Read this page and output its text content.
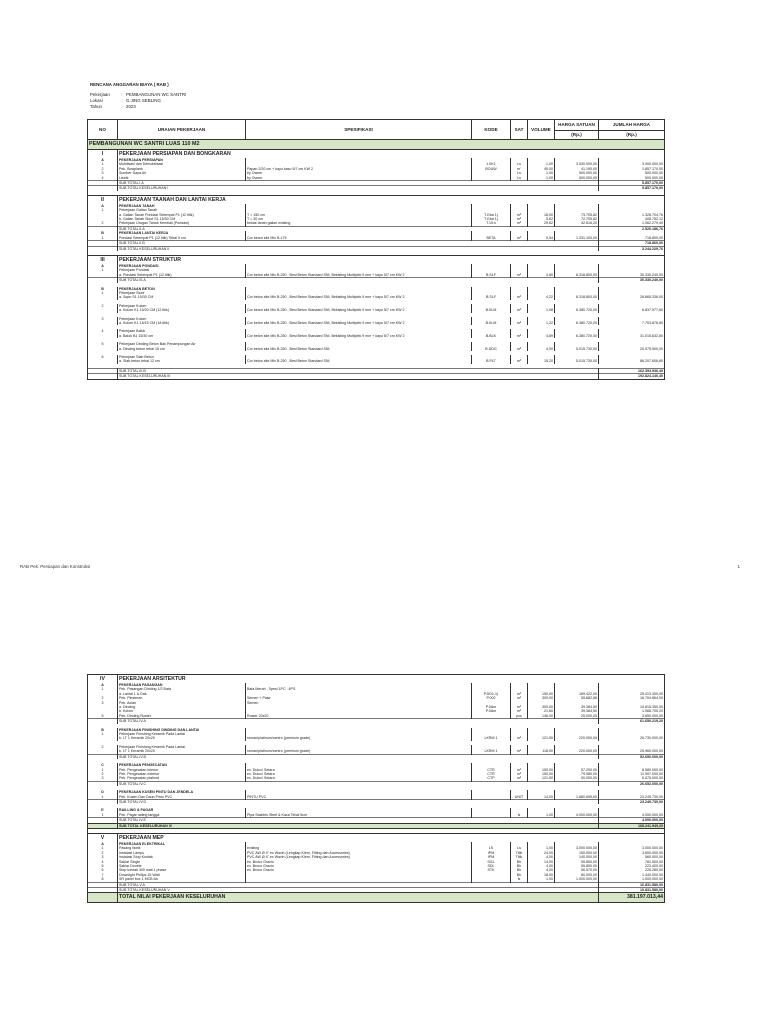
RENCANA ANGGARAN BIAYA ( RAB )
Pekerjaan	: PEMBANGUNAN WC SANTRI
Lokasi	: G.JING SEBLING
Tahun	: 2023
NO	URAIAN PEKERJAAN	SPESIFIKASI	KODE	SAT	VOLUME	HARGA SATUAN	JUMLAH HARGA
						(Rp.)	(Rp.)
PEMBANGUNAN WC SANTRI LUAS 110 M2							
I	PEKERJAAN PERSIAPAN DAN BONGKARAN						
A	PEKERJAAN PERSIAPAN						
1	Mobilisasi dan Demobilisasi		1.0K1	Ls	1,00	3.000.000,00	3.000.000,00
2	Pek. Bowplank	Papan 2/20 cm + kayu kaso 5/7 cm KW 2	BOUW	m'	45,00	41.190,00	1.857.170,00
3	Sumber Daya Air	by Owner		Ls	1,00	500.000,00	500.000,00
4	Listrik	by Owner		Ls	1,00	500.000,00	500.000,00
	SUB TOTAL I.A						5.857.170,00
	SUB TOTAL KESELURUHAN I						5.857.170,00

II	PEKERJAAN TAANAH DAN LANTAI KERJA						
A	PEKERJAAN TANAH						
1	Pekerjaan Galian Tanah						
	a. Galian Tanah Pondasi Setempat P1 (12 titik)	T = 150 cm	T.Gba 1)	m³	18,00	73.705,82	1.326.704,76
	b. Galian Tanah Sloof S1 15/30 CM	T = 30 cm	T.Gba 1)	m³	5,62	72.705,82	408.752,12
2	Pekerjaan Urugan Tanah Kembali (Pondasi)	bekas tanah galian existing	T.15.s	m³	29,62	42.616,20	1.062.279,40
	SUB TOTAL II.A						2.526.186,76
B	PEKERJAAN LANTAI KERJA						
1	Pondasi Setempat P1 (12 titik) Tebal 5 cm	Cor beton site Mix B-175	BETA	m³	0,54	1.331.100,00	718.800,00
	SUB TOTAL II.B						718.800,00
	SUB TOTAL KESELURUHAN II						3.244.229,76

III	PEKERJAAN STRUKTUR						
A	PEKERJAAN PONDASI						
1	Pekerjaan Pondasi						
	a. Pondasi Setempat P1 (12 titik)	Cor beton site Mix B-250 , Besi Beton Standard SNI, Bekisting Multiplek 9 mm + kayu 5/7 cm KW 2	B.SLF	m³	4,80	6.318.800,00	30.330.240,00
	SUB TOTAL III.A						30.330.240,00

B	PEKERJAAN BETON						
1	Pekerjaan Sloof						
	a. Sqon S1 15/30 CM	Cor beton site Mix B-250 , Besi Beton Standard SNI, Bekisting Multiplek 9 mm + kayu 5/7 cm KW 2	B.SLF	m³	4,22	6.318.800,00	26.665.336,00

2	Pekerjaan Kolom						
	a. Kolom K1 15/20 CM (12 titik)	Cor beton site Mix B-250 , Besi Beton Standard SNI, Bekisting Multiplek 9 mm + kayu 5/7 cm KW 2	B.KLM	m³	1,08	6.380.720,00	6.837.977,60

3	Pekerjaan Kolom						
	a. Kolom K1 15/15 CM (18 titik)	Cor beton site Mix B-250 , Besi Beton Standard SNI, Bekisting Multiplek 9 mm + kayu 5/7 cm KW 2	B.KLM	m³	1,22	6.380.720,00	7.703.876,80

4	Pekerjaan Balok						
	a. Balok B1 15/30 cm	Cor beton site Mix B-250 , Besi Beton Standard SNI, Bekisting Multiplek 9 mm + kayu 5/7 cm KW 2	B.BLK	m³	4,89	6.380.720,00	31.015.632,80

5	Pekerjaan Dinding Beton Bak Penampungan Air						
	a. Dinding beton tebal 15 cm	Cor beton site Mix B-250 , Besi Beton Standard SNI	B.DDG	m³	4,00	5.015.730,00	20.075.500,00

6	Pekerjaan Slab Beton						
	a. Slab beton tebal 12 cm	Cor beton site Mix B-250 , Besi Beton Standard SNI	B.PLT	m³	15,20	5.015.730,00	86.207.606,80

	SUB TOTAL III.B						162.393.936,40
	SUB TOTAL KESELURUHAN III						192.824.146,40
RAB Pek. Persiapan dan Konstruksi	1
IV	PEKERJAAN ARSITEKTUR						
A	PEKERJAAN PASANGAN						
1	Pek. Pasangan Dinding 1/2 Bata	Bata Merah , Spesi 1PC : 4PS					
	a. Lantai 1 & Dak		P.DD1-1)	m²	150,00	169.422,00	25.413.300,00
2	Pek. Plesteran	Semen + Pasir	P.002	m²	300,00	55.682,88	16.704.864,00
3	Pek. Acian	Semen					
	a. Dinding		P.0Am	m²	300,00	39.384,50	10.815.350,00
	b. Kolom		P.0Am	m²	21,60	39.384,50	1.066.705,20
5	Pek. Dinding Roster	Roster 20x20		pcs	146,00	25.000,00	3.650.000,00
	SUB TOTAL IV.A						61.650.219,20

B	PEKERJAAN FINISHING DINDING DAN LANTAI						
1	Pekerjaan Finishing Keramik Pada Lantai						
	b. LT 1 Keramik 20x20	roman/platinum/centro (premium grade)	LKRM 1	m²	121,50	220.000,00	26.730.000,00

2	Pekerjaan Finishing Keramik Pada Lantai						
	b. LT 1 Keramik 20x20	roman/platinum/centro (premium grade)	LKRM 1	m²	118,00	220.000,00	25.960.000,00
	SUB TOTAL IV.B						52.690.000,00

C	PEKERJAAN PENGECATAN						
1	Pek. Pengecatan interior	ex. Dulux/ Setara	CTR	m²	150,00	57.200,00	8.580.000,00
2	Pek. Pengecatan exterior	ex. Dulux/ Setara	CTR	m²	150,00	79.980,00	11.997.000,00
3	Pek. Pengecatan plafond	ex. Dulux/ Setara	CTP	m²	121,50	50.000,00	6.075.000,00
	SUB TOTAL IV.C						26.652.000,00

D	PEKERJAAN KUSEN PINTU DAN JENDELA						
1	Pek. Kusen Dan Daun Pintu PVC	PINTU PVC		UNIT	14,00	1.660.695,00	23.249.730,00
	SUB TOTAL IV.D						23.249.730,00

E	RAILLING & PAGAR						
1	Pek. Pagar railing tangga	Pipa Stainles Steel & Kaca Tebal 5cm		ls	1,00	4.000.000,00	4.000.000,00
	SUB TOTAL IV.E						4.000.000,00
	SUB TOTAL KESELURUHAN IV						168.241.949,20

V	PEKERJAAN MEP						
A	PEKERJAAN ELEKTRIKAL						
1	Pasang listrik	existing	LS	Ls	1,00	3.000.000,00	3.000.000,00
2	Instalasi Lampu	PVC AW Ø 4" ex Wavin (Lengkap Klem, Fitting dan Accessories)	IPM	Titik	24,00	150.000,00	3.600.000,00
3	Instalasi Stop Kontak	PVC AW Ø 4" ex Wavin (Lengkap Klem, Fitting dan Accessories)	IPM	Titik	4,00	140.000,00	560.000,00
4	Saklar Single	ex. Broco Grazio	SGL	Bh	14,00	55.850,00	781.900,00
5	Saklar Double	ex. Broco Grazio	SDL	Bh	4,00	55.850,00	223.400,00
6	Stop kontak 300 watt 1 phase	ex. Broco Grazio	STK	Bh	4,00	56.570,00	226.280,00
7	Downlight Philips 15 Watt			Bh	18,00	80.000,00	1.440.000,00
8	SR panel box 1 MCB 6A			ls	1,00	1.000.000,00	1.000.000,00
	SUB TOTAL V.A						10.831.580,00
	SUB TOTAL KESELURUHAN V						10.831.580,00
	TOTAL NILAI PEKERJAAN KESELURUHAN						381.197.013,44
